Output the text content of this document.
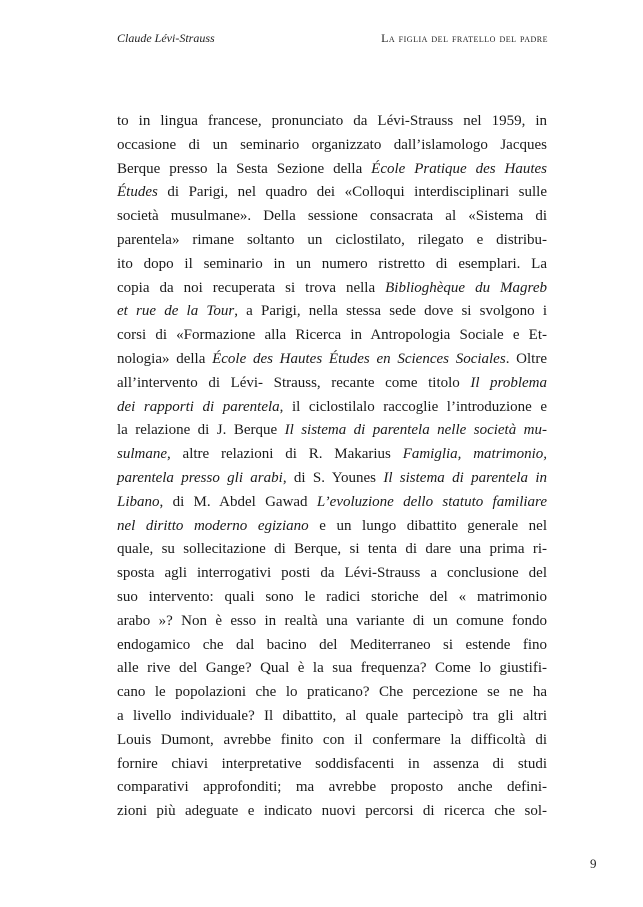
Claude Lévi-Strauss	La figlia del fratello del padre
to in lingua francese, pronunciato da Lévi-Strauss nel 1959, in
occasione di un seminario organizzato dall’islamologo Jacques
Berque presso la Sesta Sezione della École Pratique des Hautes
Études di Parigi, nel quadro dei «Colloqui interdisciplinari sulle
società musulmane». Della sessione consacrata al «Sistema di
parentela» rimane soltanto un ciclostilato, rilegato e distribu-
ito dopo il seminario in un numero ristretto di esemplari. La
copia da noi recuperata si trova nella Biblioghèque du Magreb
et rue de la Tour, a Parigi, nella stessa sede dove si svolgono i
corsi di «Formazione alla Ricerca in Antropologia Sociale e Et-
nologia» della École des Hautes Études en Sciences Sociales. Oltre
all’intervento di Lévi- Strauss, recante come titolo Il problema
dei rapporti di parentela, il ciclostilalo raccoglie l’introduzione e
la relazione di J. Berque Il sistema di parentela nelle società mu-
sulmane, altre relazioni di R. Makarius Famiglia, matrimonio,
parentela presso gli arabi, di S. Younes Il sistema di parentela in
Libano, di M. Abdel Gawad L’evoluzione dello statuto familiare
nel diritto moderno egiziano e un lungo dibattito generale nel
quale, su sollecitazione di Berque, si tenta di dare una prima ri-
sposta agli interrogativi posti da Lévi-Strauss a conclusione del
suo intervento: quali sono le radici storiche del « matrimonio
arabo »? Non è esso in realtà una variante di un comune fondo
endogamico che dal bacino del Mediterraneo si estende fino
alle rive del Gange? Qual è la sua frequenza? Come lo giustifi-
cano le popolazioni che lo praticano? Che percezione se ne ha
a livello individuale? Il dibattito, al quale partecipò tra gli altri
Louis Dumont, avrebbe finito con il confermare la difficoltà di
fornire chiavi interpretative soddisfacenti in assenza di studi
comparativi approfonditi; ma avrebbe proposto anche defini-
zioni più adeguate e indicato nuovi percorsi di ricerca che sol-
9
